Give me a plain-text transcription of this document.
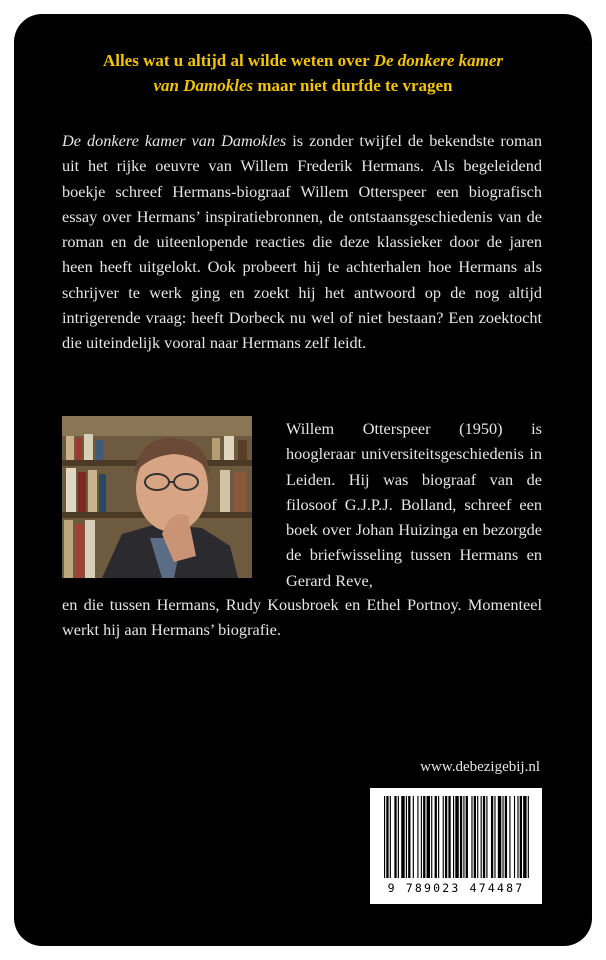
Alles wat u altijd al wilde weten over De donkere kamer
van Damokles maar niet durfde te vragen

De donkere kamer van Damokles is zonder twijfel de bekendste roman uit het rijke oeuvre van Willem Frederik Hermans. Als begeleidend boekje schreef Hermans-biograaf Willem Otterspeer een biografisch essay over Hermans’ inspiratiebronnen, de ontstaansgeschiedenis van de roman en de uiteenlopende reacties die deze klassieker door de jaren heen heeft uitgelokt. Ook probeert hij te achterhalen hoe Hermans als schrijver te werk ging en zoekt hij het antwoord op de nog altijd intrigerende vraag: heeft Dorbeck nu wel of niet bestaan? Een zoektocht die uiteindelijk vooral naar Hermans zelf leidt.

Willem Otterspeer (1950) is hoogleraar universiteitsgeschiedenis in Leiden. Hij was biograaf van de filosoof G.J.P.J. Bolland, schreef een boek over Johan Huizinga en bezorgde de briefwisseling tussen Hermans en Gerard Reve,

en die tussen Hermans, Rudy Kousbroek en Ethel Portnoy. Momenteel werkt hij aan Hermans’ biografie.

www.debezigebij.nl
9 789023 474487
